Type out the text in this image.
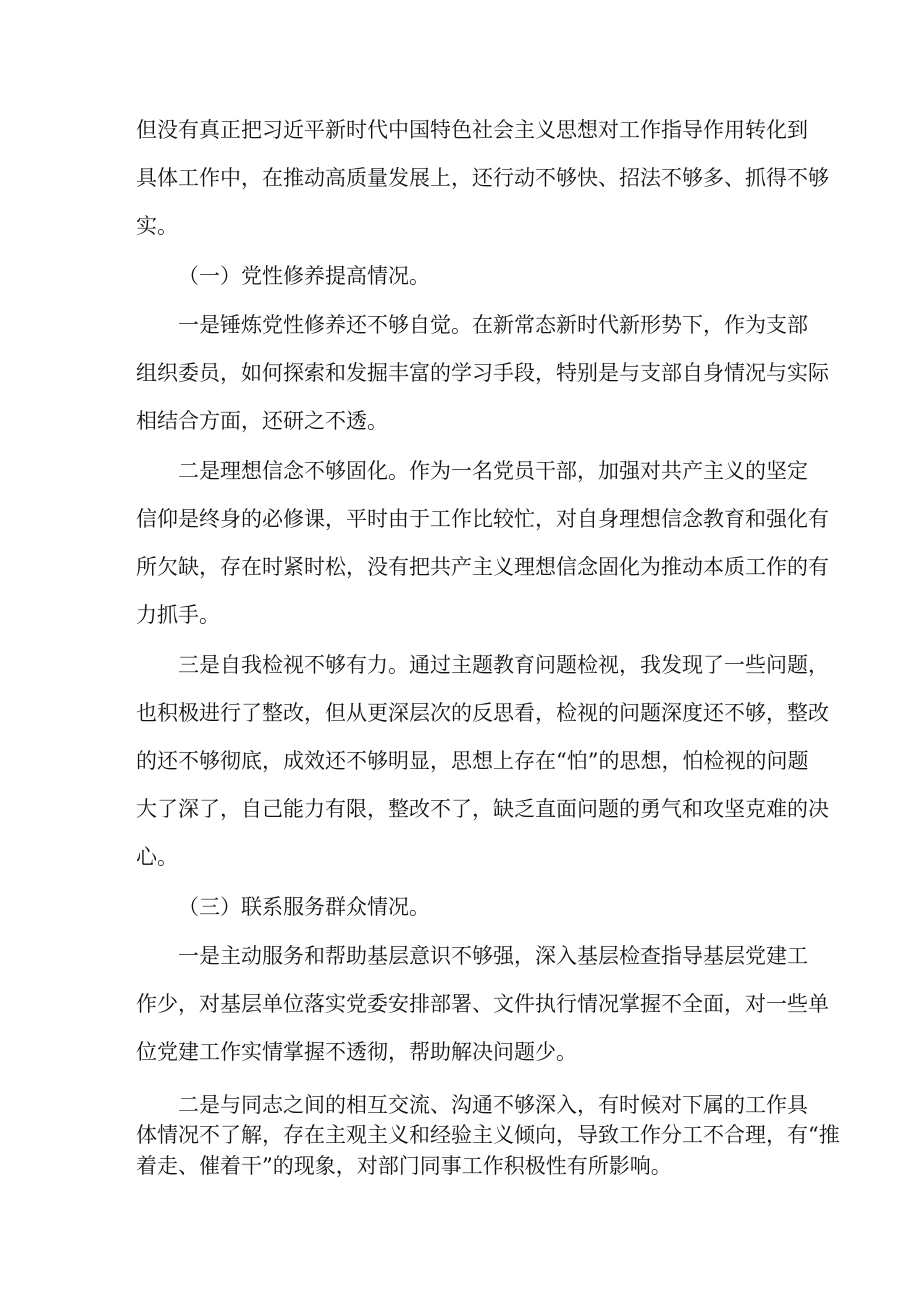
但没有真正把习近平新时代中国特色社会主义思想对工作指导作用转化到
具体工作中，在推动高质量发展上，还行动不够快、招法不够多、抓得不够
实。
（一）党性修养提高情况。
一是锤炼党性修养还不够自觉。在新常态新时代新形势下，作为支部
组织委员，如何探索和发掘丰富的学习手段，特别是与支部自身情况与实际
相结合方面，还研之不透。
二是理想信念不够固化。作为一名党员干部，加强对共产主义的坚定
信仰是终身的必修课，平时由于工作比较忙，对自身理想信念教育和强化有
所欠缺，存在时紧时松，没有把共产主义理想信念固化为推动本质工作的有
力抓手。
三是自我检视不够有力。通过主题教育问题检视，我发现了一些问题，
也积极进行了整改，但从更深层次的反思看，检视的问题深度还不够，整改
的还不够彻底，成效还不够明显，思想上存在“怕”的思想，怕检视的问题
大了深了，自己能力有限，整改不了，缺乏直面问题的勇气和攻坚克难的决
心。
（三）联系服务群众情况。
一是主动服务和帮助基层意识不够强，深入基层检查指导基层党建工
作少，对基层单位落实党委安排部署、文件执行情况掌握不全面，对一些单
位党建工作实情掌握不透彻，帮助解决问题少。
二是与同志之间的相互交流、沟通不够深入，有时候对下属的工作具
体情况不了解，存在主观主义和经验主义倾向，导致工作分工不合理，有“推
着走、催着干”的现象，对部门同事工作积极性有所影响。
